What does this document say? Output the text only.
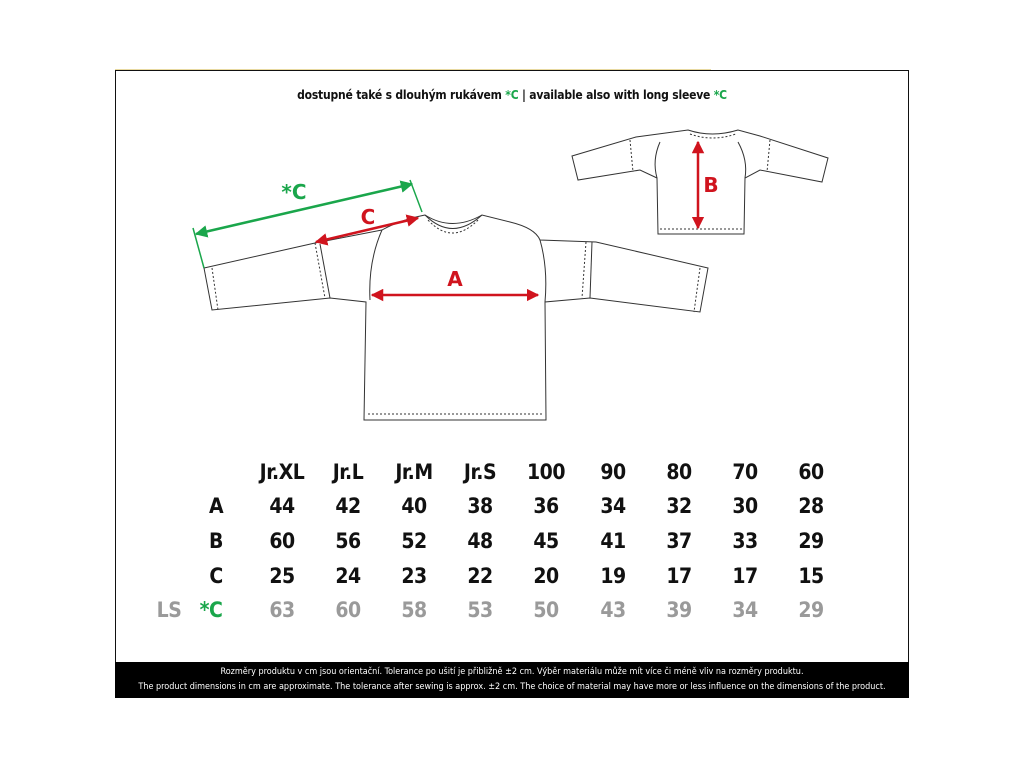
dostupné také s dlouhým rukávem *C | available also with long sleeve *C
A
C
B
*C
Jr.XL Jr.L Jr.M Jr.S 100 90 80 70 60
A 44 42 40 38 36 34 32 30 28
B 60 56 52 48 45 41 37 33 29
C 25 24 23 22 20 19 17 17 15
LS *C 63 60 58 53 50 43 39 34 29
Rozměry produktu v cm jsou orientační. Tolerance po ušití je přibližně ±2 cm. Výběr materiálu může mít více či méně vliv na rozměry produktu.
The product dimensions in cm are approximate. The tolerance after sewing is approx. ±2 cm. The choice of material may have more or less influence on the dimensions of the product.
